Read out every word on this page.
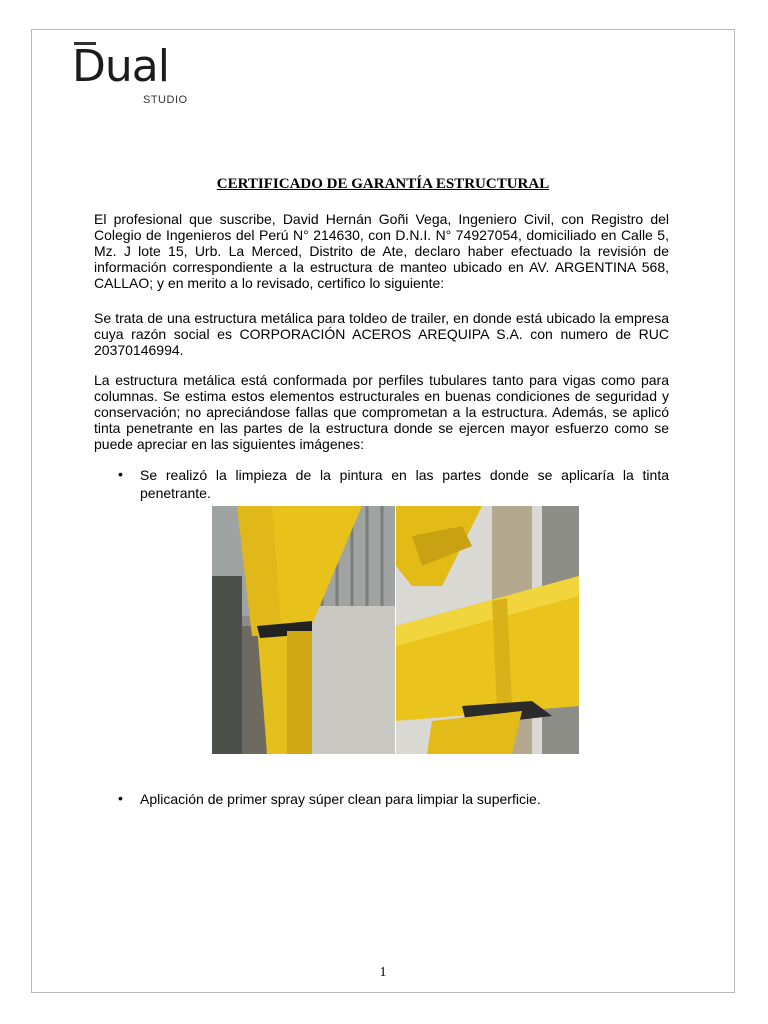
Dual
STUDIO
CERTIFICADO DE GARANTÍA ESTRUCTURAL

El profesional que suscribe, David Hernán Goñi Vega, Ingeniero Civil, con Registro del Colegio de Ingenieros del Perú N° 214630, con D.N.I. N° 74927054, domiciliado en Calle 5, Mz. J lote 15, Urb. La Merced, Distrito de Ate, declaro haber efectuado la revisión de información correspondiente a la estructura de manteo ubicado en AV. ARGENTINA 568, CALLAO; y en merito a lo revisado, certifico lo siguiente:

Se trata de una estructura metálica para toldeo de trailer, en donde está ubicado la empresa cuya razón social es CORPORACIÓN ACEROS AREQUIPA S.A. con numero de RUC 20370146994.

La estructura metálica está conformada por perfiles tubulares tanto para vigas como para columnas. Se estima estos elementos estructurales en buenas condiciones de seguridad y conservación; no apreciándose fallas que comprometan a la estructura. Además, se aplicó tinta penetrante en las partes de la estructura donde se ejercen mayor esfuerzo como se puede apreciar en las siguientes imágenes:

• Se realizó la limpieza de la pintura en las partes donde se aplicaría la tinta penetrante.

• Aplicación de primer spray súper clean para limpiar la superficie.

1
